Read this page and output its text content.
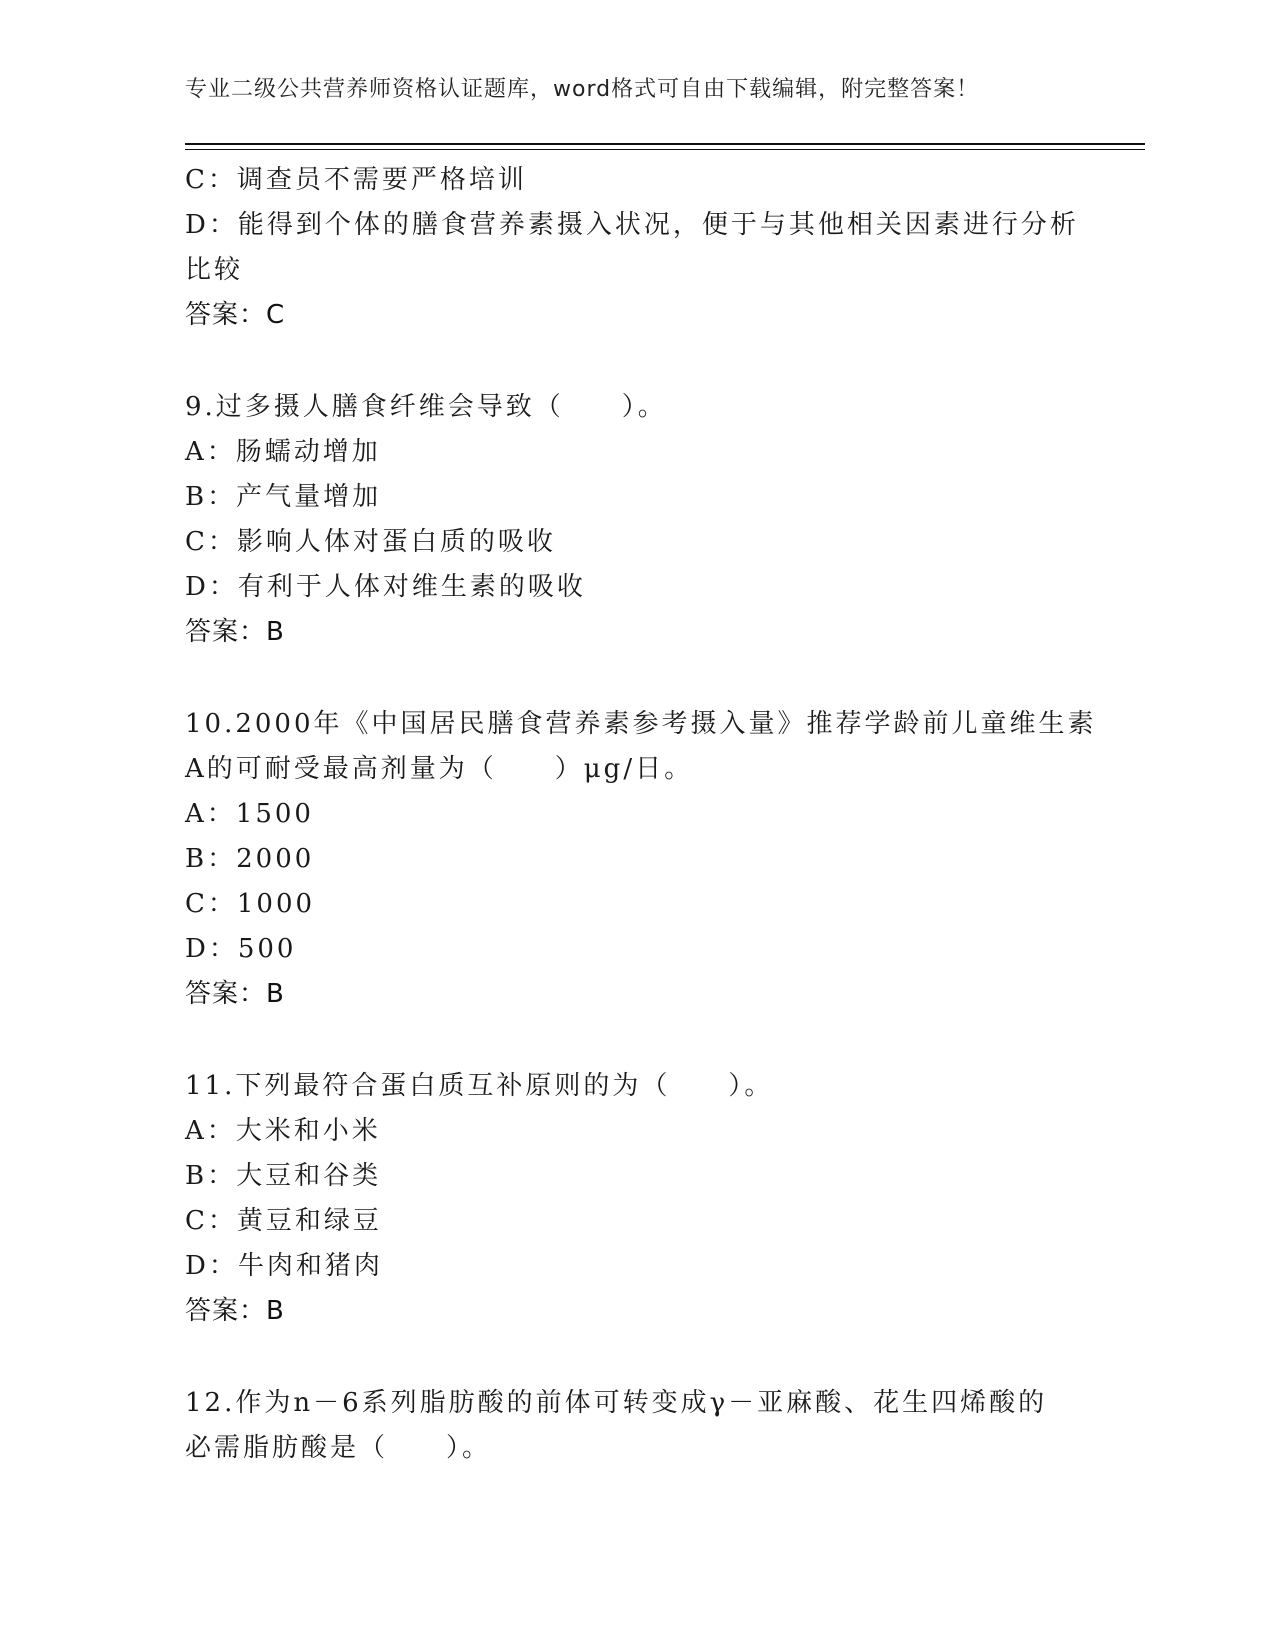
专业二级公共营养师资格认证题库，word格式可自由下载编辑，附完整答案！
C：调查员不需要严格培训
D：能得到个体的膳食营养素摄入状况，便于与其他相关因素进行分析
比较
答案：C
9.过多摄人膳食纤维会导致（　　）。
A：肠蠕动增加
B：产气量增加
C：影响人体对蛋白质的吸收
D：有利于人体对维生素的吸收
答案：B
10.2000年《中国居民膳食营养素参考摄入量》推荐学龄前儿童维生素
A的可耐受最高剂量为（　　）μg/日。
A：1500
B：2000
C：1000
D：500
答案：B
11.下列最符合蛋白质互补原则的为（　　）。
A：大米和小米
B：大豆和谷类
C：黄豆和绿豆
D：牛肉和猪肉
答案：B
12.作为n－6系列脂肪酸的前体可转变成γ－亚麻酸、花生四烯酸的
必需脂肪酸是（　　）。
